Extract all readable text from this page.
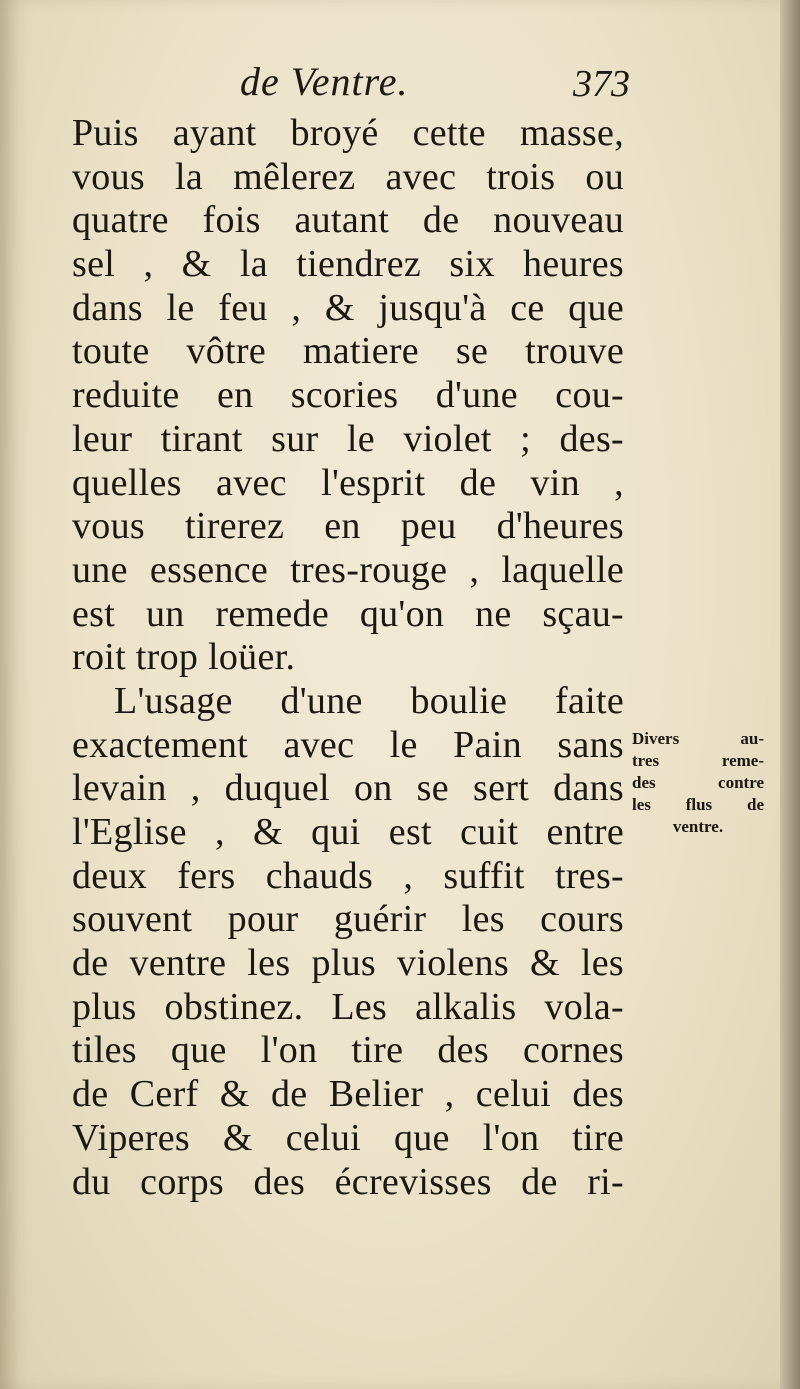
de Ventre.	373
Puis ayant broyé cette masse,
vous la mêlerez avec trois ou
quatre fois autant de nouveau
sel , & la tiendrez six heures
dans le feu , & jusqu'à ce que
toute vôtre matiere se trouve
reduite en scories d'une cou-
leur tirant sur le violet ; des-
quelles avec l'esprit de vin ,
vous tirerez en peu d'heures
une essence tres-rouge , laquelle
est un remede qu'on ne sçau-
roit trop loüer.
L'usage d'une boulie faite
exactement avec le Pain sans
levain , duquel on se sert dans
l'Eglise , & qui est cuit entre
deux fers chauds , suffit tres-
souvent pour guérir les cours
de ventre les plus violens & les
plus obstinez. Les alkalis vola-
tiles que l'on tire des cornes
de Cerf & de Belier , celui des
Viperes & celui que l'on tire
du corps des écrevisses de ri-
Divers au-
tres reme-
des contre
les flus de
ventre.
